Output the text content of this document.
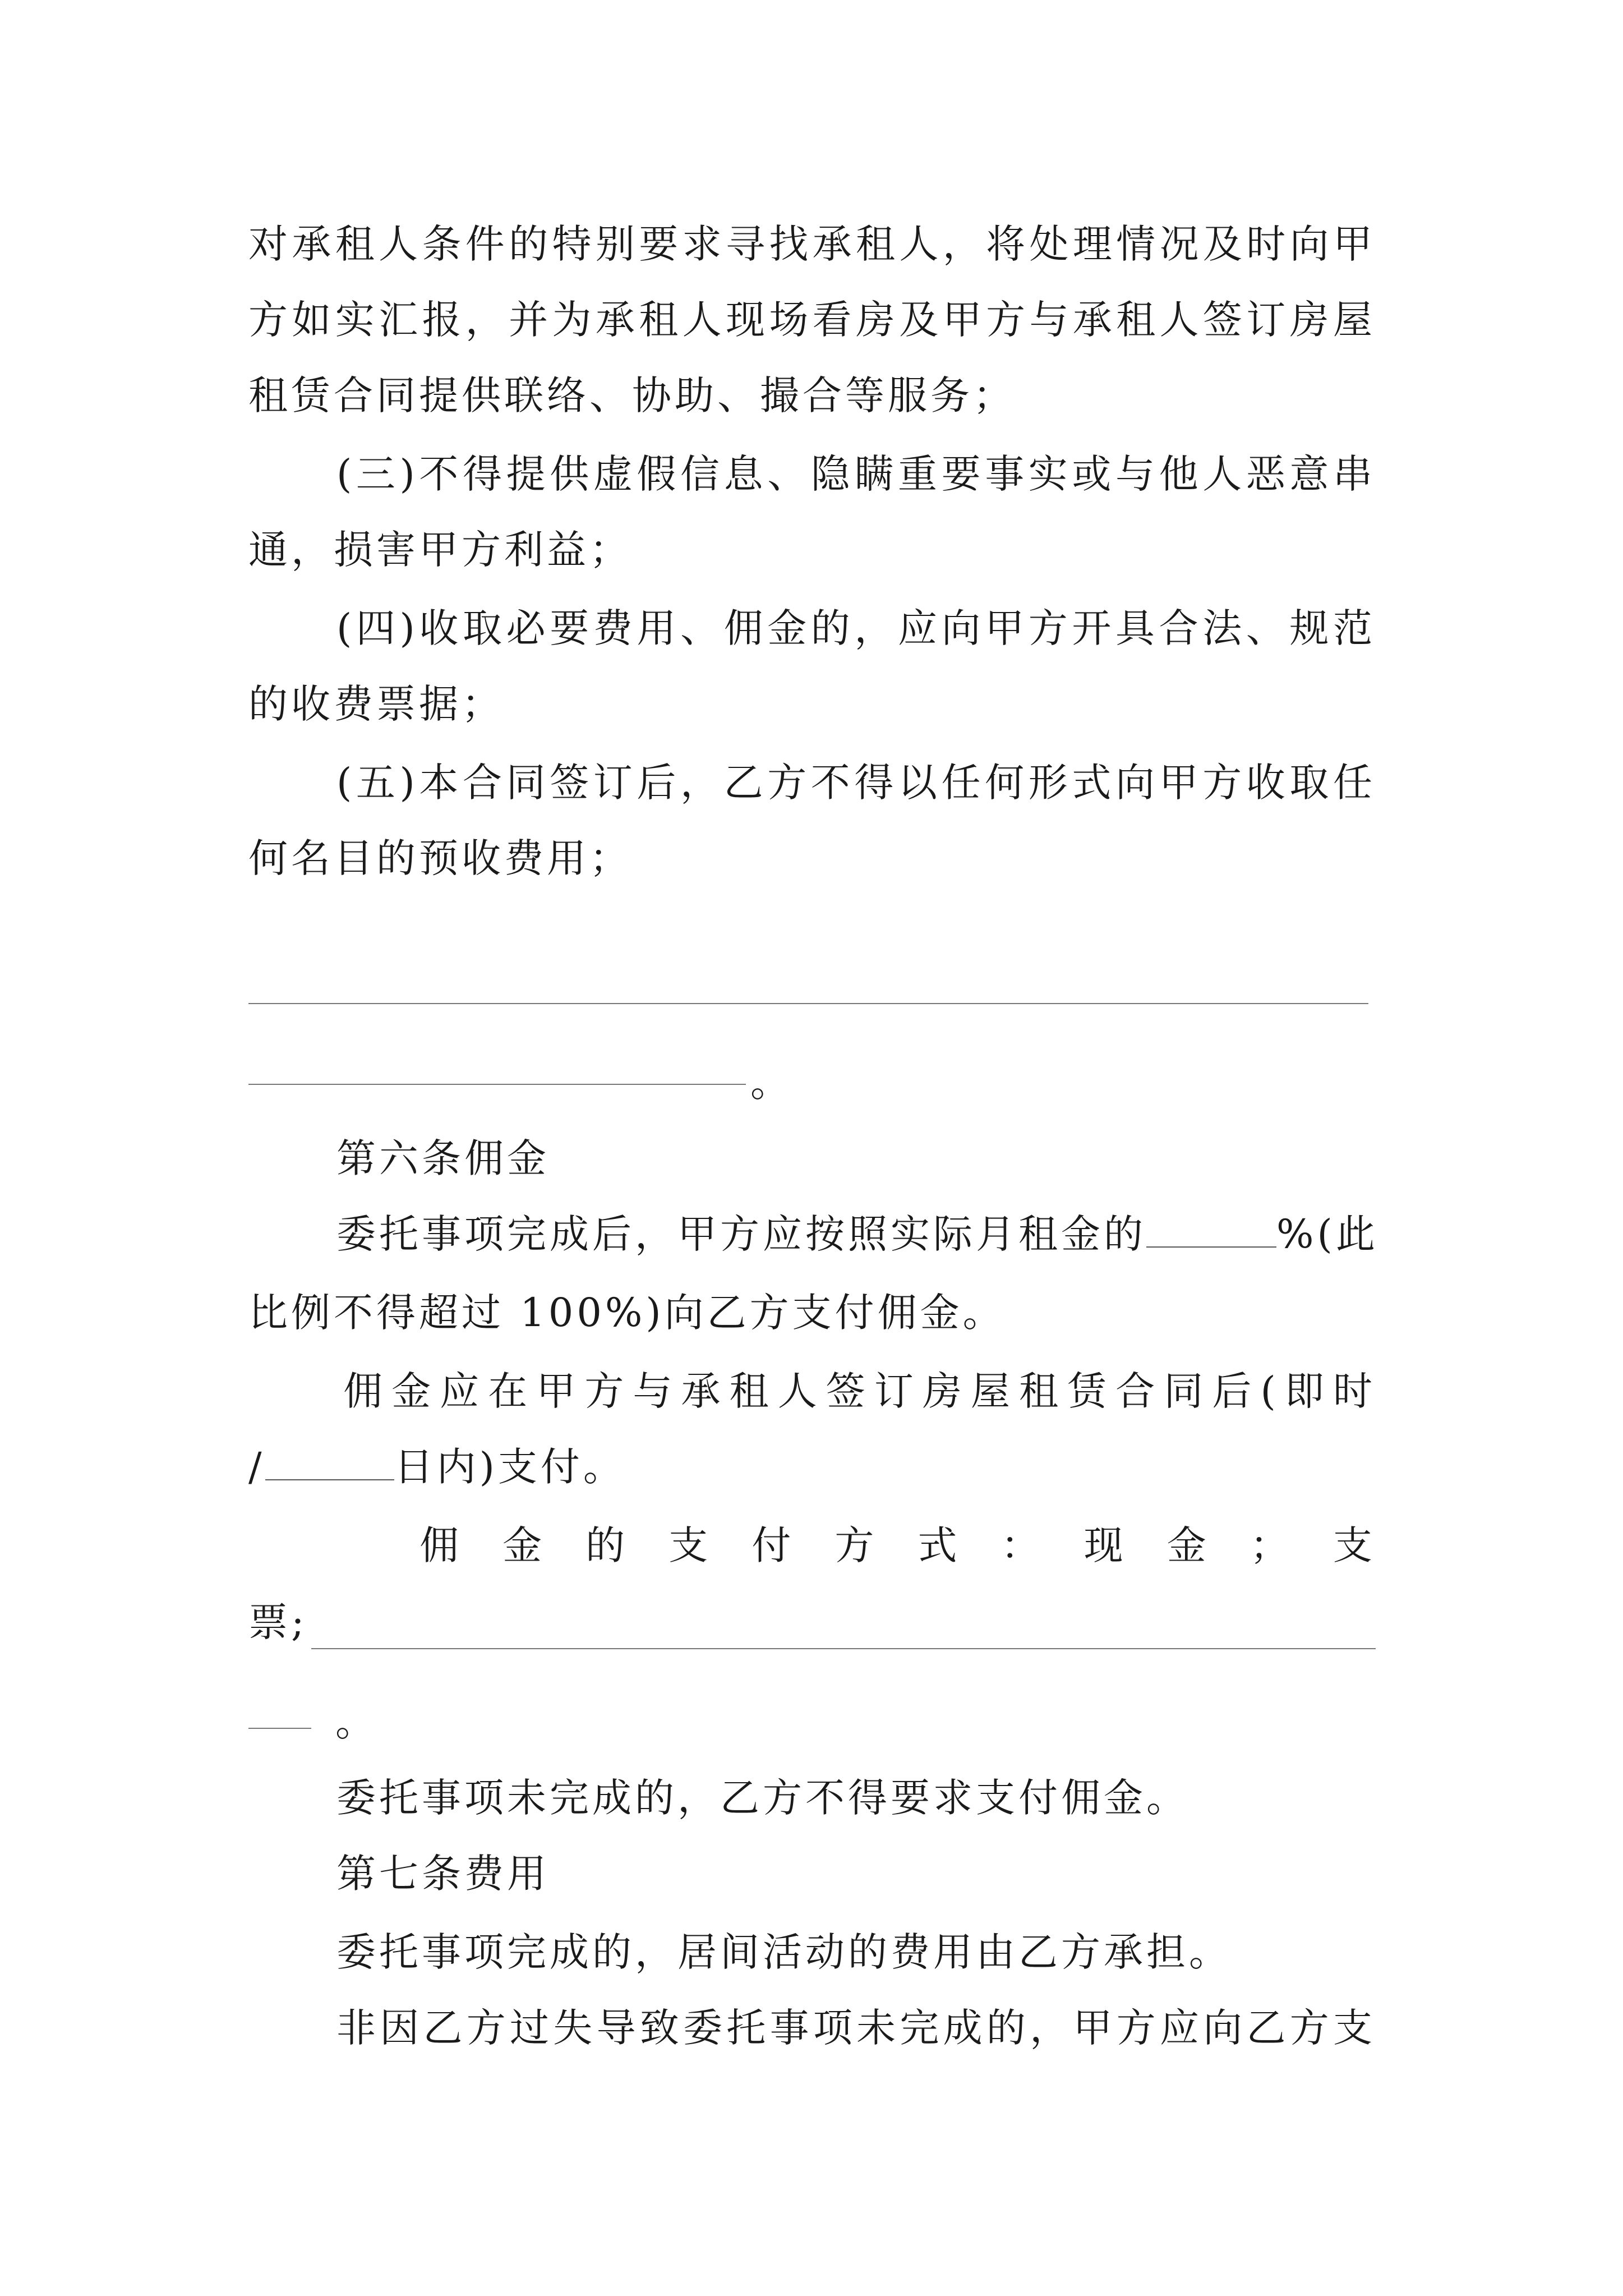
对承租人条件的特别要求寻找承租人，将处理情况及时向甲
方如实汇报，并为承租人现场看房及甲方与承租人签订房屋
租赁合同提供联络、协助、撮合等服务；
(三)不得提供虚假信息、隐瞒重要事实或与他人恶意串
通，损害甲方利益；
(四)收取必要费用、佣金的，应向甲方开具合法、规范
的收费票据；
(五)本合同签订后，乙方不得以任何形式向甲方收取任
何名目的预收费用；
。
第六条佣金
委托事项完成后，甲方应按照实际月租金的	%(此
比例不得超过 100%)向乙方支付佣金。
佣金应在甲方与承租人签订房屋租赁合同后(即时
/	日内)支付。
佣 金 的 支 付 方 式 ： 现 金 ； 支
票;
。
委托事项未完成的，乙方不得要求支付佣金。
第七条费用
委托事项完成的，居间活动的费用由乙方承担。
非因乙方过失导致委托事项未完成的，甲方应向乙方支
